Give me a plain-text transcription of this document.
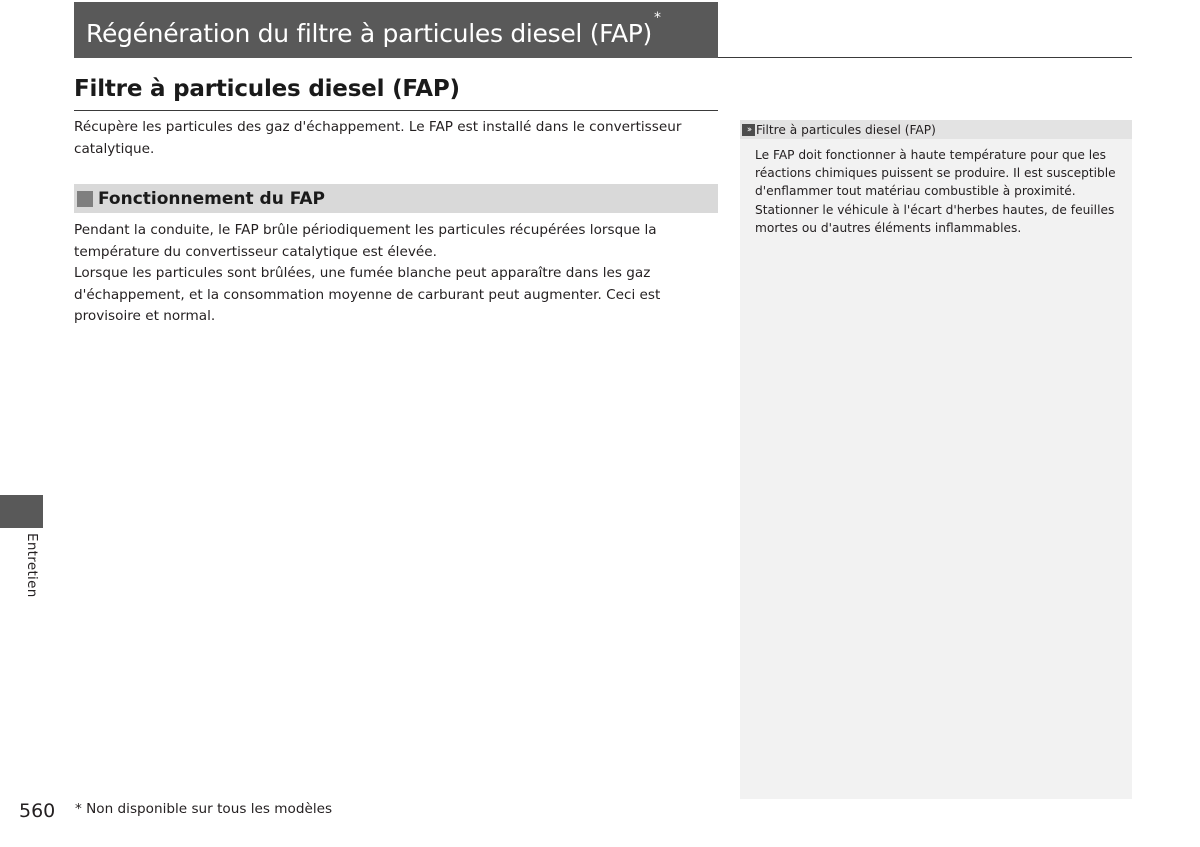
Régénération du filtre à particules diesel (FAP)
*
Filtre à particules diesel (FAP)

Récupère les particules des gaz d'échappement. Le FAP est installé dans le convertisseur catalytique.

Fonctionnement du FAP
Pendant la conduite, le FAP brûle périodiquement les particules récupérées lorsque la température du convertisseur catalytique est élevée.
Lorsque les particules sont brûlées, une fumée blanche peut apparaître dans les gaz d'échappement, et la consommation moyenne de carburant peut augmenter. Ceci est provisoire et normal.
›› Filtre à particules diesel (FAP)

Le FAP doit fonctionner à haute température pour que les réactions chimiques puissent se produire. Il est susceptible d'enflammer tout matériau combustible à proximité. Stationner le véhicule à l'écart d'herbes hautes, de feuilles mortes ou d'autres éléments inflammables.

Entretien
560 * Non disponible sur tous les modèles
